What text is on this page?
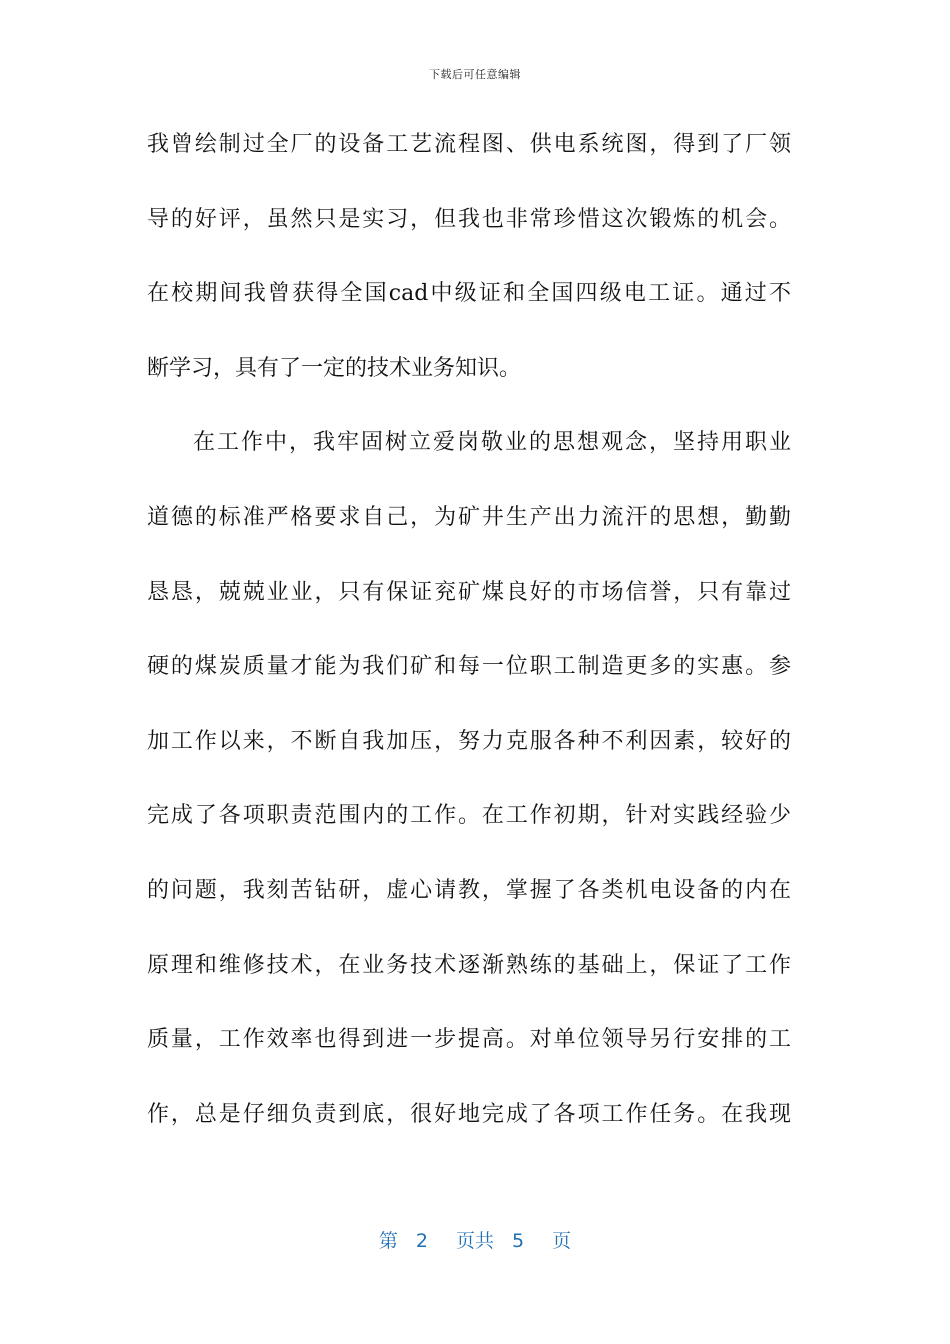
下载后可任意编辑
我曾绘制过全厂的设备工艺流程图、供电系统图，得到了厂领
导的好评，虽然只是实习，但我也非常珍惜这次锻炼的机会。
在校期间我曾获得全国cad中级证和全国四级电工证。通过不
断学习，具有了一定的技术业务知识。
在工作中，我牢固树立爱岗敬业的思想观念，坚持用职业
道德的标准严格要求自己，为矿井生产出力流汗的思想，勤勤
恳恳，兢兢业业，只有保证兖矿煤良好的市场信誉，只有靠过
硬的煤炭质量才能为我们矿和每一位职工制造更多的实惠。参
加工作以来，不断自我加压，努力克服各种不利因素，较好的
完成了各项职责范围内的工作。在工作初期，针对实践经验少
的问题，我刻苦钻研，虚心请教，掌握了各类机电设备的内在
原理和维修技术，在业务技术逐渐熟练的基础上，保证了工作
质量，工作效率也得到进一步提高。对单位领导另行安排的工
作，总是仔细负责到底，很好地完成了各项工作任务。在我现
第 2 页共 5 页
